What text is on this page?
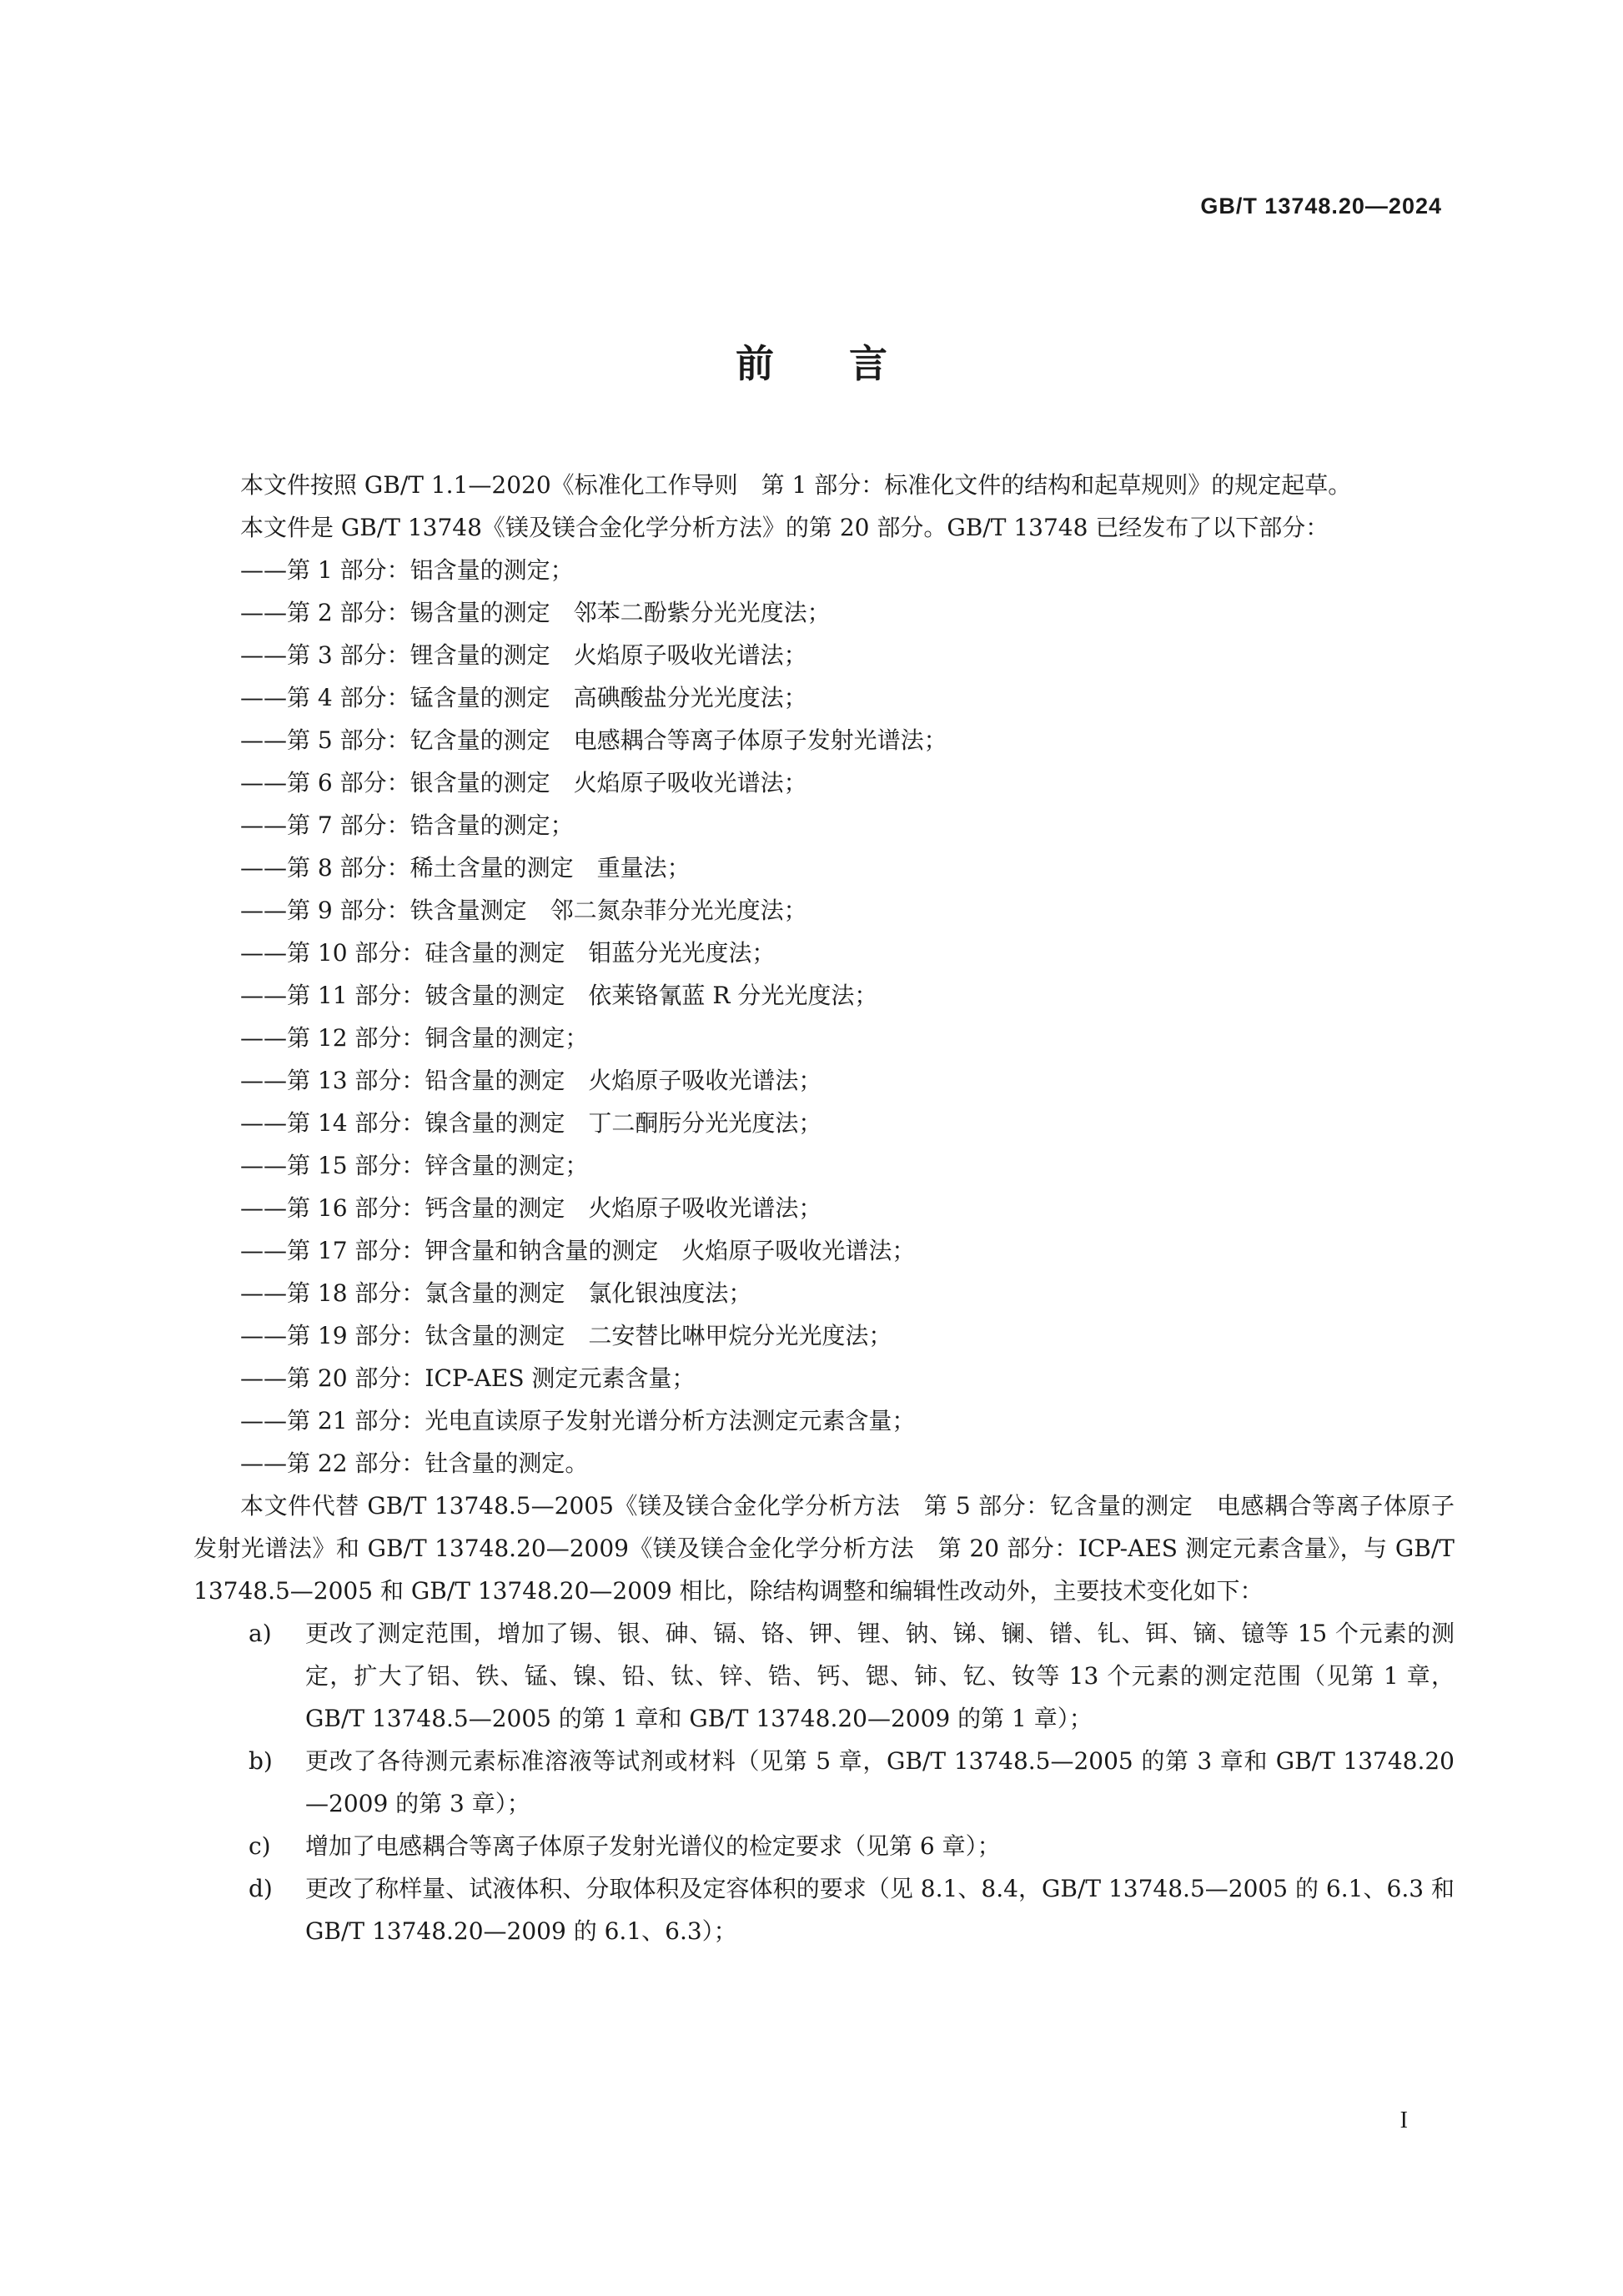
GB/T 13748.20—2024
前言

本文件按照 GB/T 1.1—2020《标准化工作导则　第 1 部分：标准化文件的结构和起草规则》的规定起草。

本文件是 GB/T 13748《镁及镁合金化学分析方法》的第 20 部分。GB/T 13748 已经发布了以下部分：

——第 1 部分：铝含量的测定；

——第 2 部分：锡含量的测定　邻苯二酚紫分光光度法；

——第 3 部分：锂含量的测定　火焰原子吸收光谱法；

——第 4 部分：锰含量的测定　高碘酸盐分光光度法；

——第 5 部分：钇含量的测定　电感耦合等离子体原子发射光谱法；

——第 6 部分：银含量的测定　火焰原子吸收光谱法；

——第 7 部分：锆含量的测定；

——第 8 部分：稀土含量的测定　重量法；

——第 9 部分：铁含量测定　邻二氮杂菲分光光度法；

——第 10 部分：硅含量的测定　钼蓝分光光度法；

——第 11 部分：铍含量的测定　依莱铬氰蓝 R 分光光度法；

——第 12 部分：铜含量的测定；

——第 13 部分：铅含量的测定　火焰原子吸收光谱法；

——第 14 部分：镍含量的测定　丁二酮肟分光光度法；

——第 15 部分：锌含量的测定；

——第 16 部分：钙含量的测定　火焰原子吸收光谱法；

——第 17 部分：钾含量和钠含量的测定　火焰原子吸收光谱法；

——第 18 部分：氯含量的测定　氯化银浊度法；

——第 19 部分：钛含量的测定　二安替比啉甲烷分光光度法；

——第 20 部分：ICP-AES 测定元素含量；

——第 21 部分：光电直读原子发射光谱分析方法测定元素含量；

——第 22 部分：钍含量的测定。

本文件代替 GB/T 13748.5—2005《镁及镁合金化学分析方法　第 5 部分：钇含量的测定　电感耦合等离子体原子发射光谱法》和 GB/T 13748.20—2009《镁及镁合金化学分析方法　第 20 部分：ICP-AES 测定元素含量》，与 GB/T 13748.5—2005 和 GB/T 13748.20—2009 相比，除结构调整和编辑性改动外，主要技术变化如下：

a) 更改了测定范围，增加了锡、银、砷、镉、铬、钾、锂、钠、锑、镧、镨、钆、铒、镝、镱等 15 个元素的测定，扩大了铝、铁、锰、镍、铅、钛、锌、锆、钙、锶、铈、钇、钕等 13 个元素的测定范围（见第 1 章，GB/T 13748.5—2005 的第 1 章和 GB/T 13748.20—2009 的第 1 章）；
b) 更改了各待测元素标准溶液等试剂或材料（见第 5 章，GB/T 13748.5—2005 的第 3 章和 GB/T 13748.20—2009 的第 3 章）；
c) 增加了电感耦合等离子体原子发射光谱仪的检定要求（见第 6 章）；
d) 更改了称样量、试液体积、分取体积及定容体积的要求（见 8.1、8.4，GB/T 13748.5—2005 的 6.1、6.3 和 GB/T 13748.20—2009 的 6.1、6.3）；
I
